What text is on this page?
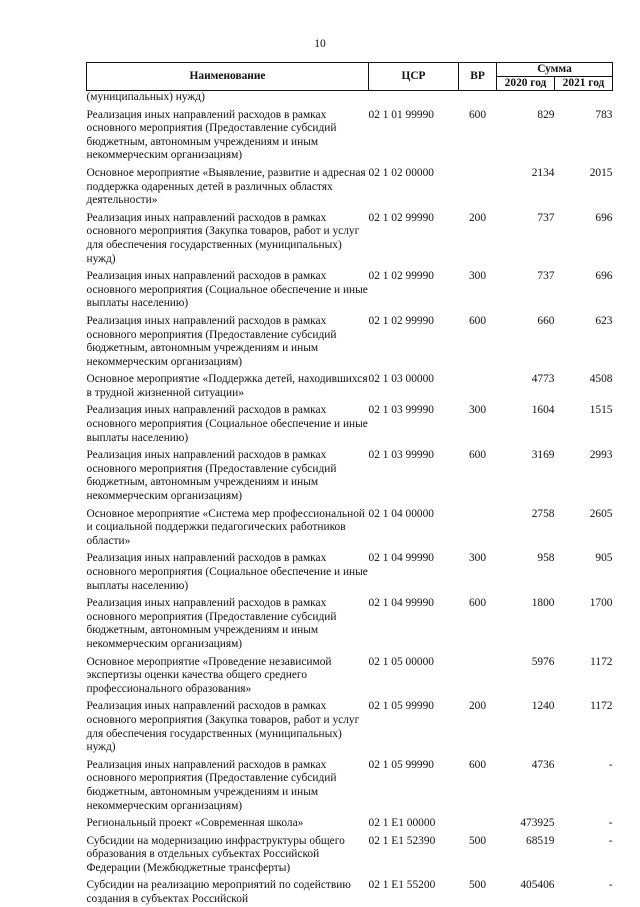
10
Наименование	ЦСР	ВР	Сумма	
			2020 год	2021 год
(муниципальных) нужд)				
Реализация иных направлений расходов в рамках основного мероприятия (Предоставление субсидий бюджетным, автономным учреждениям и иным некоммерческим организациям)	02 1 01 99990	600	829	783
Основное мероприятие «Выявление, развитие и адресная поддержка одаренных детей в различных областях деятельности»	02 1 02 00000		2134	2015
Реализация иных направлений расходов в рамках основного мероприятия (Закупка товаров, работ и услуг для обеспечения государственных (муниципальных) нужд)	02 1 02 99990	200	737	696
Реализация иных направлений расходов в рамках основного мероприятия (Социальное обеспечение и иные выплаты населению)	02 1 02 99990	300	737	696
Реализация иных направлений расходов в рамках основного мероприятия (Предоставление субсидий бюджетным, автономным учреждениям и иным некоммерческим организациям)	02 1 02 99990	600	660	623
Основное мероприятие «Поддержка детей, находившихся в трудной жизненной ситуации»	02 1 03 00000		4773	4508
Реализация иных направлений расходов в рамках основного мероприятия (Социальное обеспечение и иные выплаты населению)	02 1 03 99990	300	1604	1515
Реализация иных направлений расходов в рамках основного мероприятия (Предоставление субсидий бюджетным, автономным учреждениям и иным некоммерческим организациям)	02 1 03 99990	600	3169	2993
Основное мероприятие «Система мер профессиональной и социальной поддержки педагогических работников области»	02 1 04 00000		2758	2605
Реализация иных направлений расходов в рамках основного мероприятия (Социальное обеспечение и иные выплаты населению)	02 1 04 99990	300	958	905
Реализация иных направлений расходов в рамках основного мероприятия (Предоставление субсидий бюджетным, автономным учреждениям и иным некоммерческим организациям)	02 1 04 99990	600	1800	1700
Основное мероприятие «Проведение независимой экспертизы оценки качества общего среднего профессионального образования»	02 1 05 00000		5976	1172
Реализация иных направлений расходов в рамках основного мероприятия (Закупка товаров, работ и услуг для обеспечения государственных (муниципальных) нужд)	02 1 05 99990	200	1240	1172
Реализация иных направлений расходов в рамках основного мероприятия (Предоставление субсидий бюджетным, автономным учреждениям и иным некоммерческим организациям)	02 1 05 99990	600	4736	-
Региональный проект «Современная школа»	02 1 E1 00000		473925	-
Субсидии на модернизацию инфраструктуры общего образования в отдельных субъектах Российской Федерации (Межбюджетные трансферты)	02 1 E1 52390	500	68519	-
Субсидии на реализацию мероприятий по содействию создания в субъектах Российской	02 1 E1 55200	500	405406	-
